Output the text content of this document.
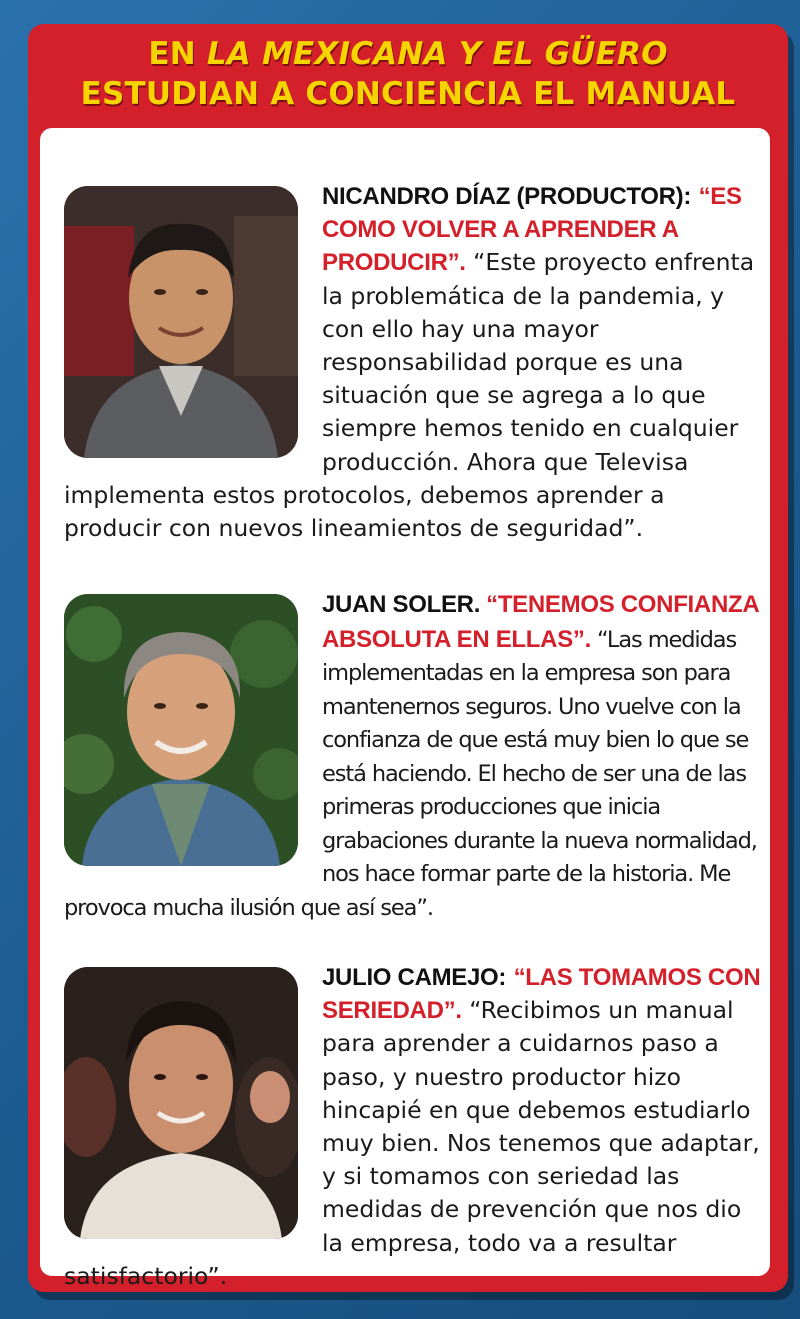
EN LA MEXICANA Y EL GÜERO
ESTUDIAN A CONCIENCIA EL MANUAL

NICANDRO DÍAZ (PRODUCTOR): “ES COMO VOLVER A APRENDER A PRODUCIR”. “Este proyecto enfrenta la problemática de la pandemia, y con ello hay una mayor responsabilidad porque es una situación que se agrega a lo que siempre hemos tenido en cualquier producción. Ahora que Televisa implementa estos protocolos, debemos aprender a producir con nuevos lineamientos de seguridad”.

JUAN SOLER. “TENEMOS CONFIANZA ABSOLUTA EN ELLAS”. “Las medidas implementadas en la empresa son para mantenernos seguros. Uno vuelve con la confianza de que está muy bien lo que se está haciendo. El hecho de ser una de las primeras producciones que inicia grabaciones durante la nueva normalidad, nos hace formar parte de la historia. Me provoca mucha ilusión que así sea”.

JULIO CAMEJO: “LAS TOMAMOS CON SERIEDAD”. “Recibimos un manual para aprender a cuidarnos paso a paso, y nuestro productor hizo hincapié en que debemos estudiarlo muy bien. Nos tenemos que adaptar, y si tomamos con seriedad las medidas de prevención que nos dio la empresa, todo va a resultar satisfactorio”.
